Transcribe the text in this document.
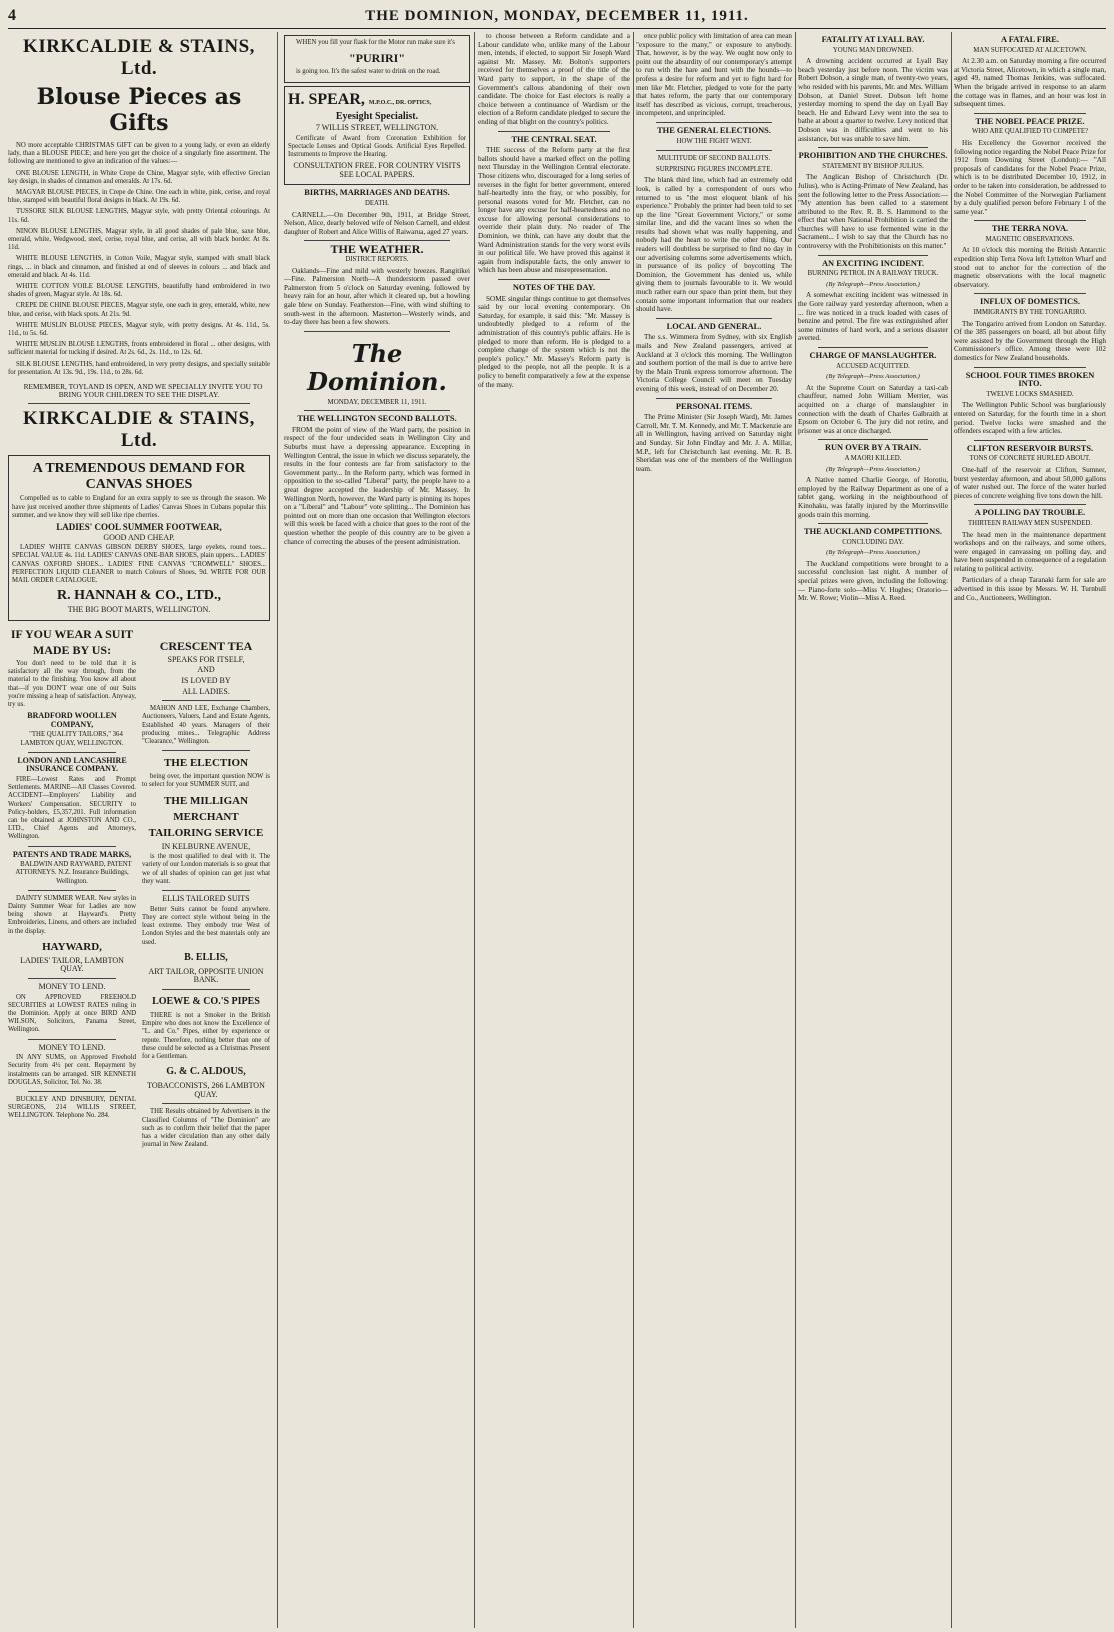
4	THE DOMINION, MONDAY, DECEMBER 11, 1911.
KIRKCALDIE & STAINS, Ltd.
Blouse Pieces as Gifts

NO more acceptable CHRISTMAS GIFT can be given to a young lady, or even an elderly lady, than a BLOUSE PIECE; and here you get the choice of a singularly fine assortment. The following are mentioned to give an indication of the values:—

ONE BLOUSE LENGTH, in White Crepe de Chine, Magyar style, with effective Grecian key design, in shades of cinnamon and emeralds. At 17s. 6d.

MAGYAR BLOUSE PIECES, in Crepe de Chine. One each in white, pink, cerise, and royal blue, stamped with beautiful floral designs in black. At 19s. 6d.

TUSSORE SILK BLOUSE LENGTHS, Magyar style, with pretty Oriental colourings. At 11s. 6d.

NINON BLOUSE LENGTHS, Magyar style, in all good shades of pale blue, saxe blue, emerald, white, Wedgwood, steel, cerise, royal blue, and cerise, all with black border. At 8s. 11d.

WHITE BLOUSE LENGTHS, in Cotton Voile, Magyar style, stamped with small black rings, ... in black and cinnamon, and finished at end of sleeves in colours ... and black and emerald and black. At 4s. 11d.

WHITE COTTON VOILE BLOUSE LENGTHS, beautifully hand embroidered in two shades of green, Magyar style. At 18s. 6d.

CREPE DE CHINE BLOUSE PIECES, Magyar style, one each in grey, emerald, white, new blue, and cerise, with black spots. At 21s. 9d.

WHITE MUSLIN BLOUSE PIECES, Magyar style, with pretty designs. At 4s. 11d., 5s. 11d., to 5s. 6d.

WHITE MUSLIN BLOUSE LENGTHS, fronts embroidered in floral ... other designs, with sufficient material for tucking if desired. At 2s. 6d., 2s. 11d., to 12s. 6d.

SILK BLOUSE LENGTHS, hand embroidered, in very pretty designs, and specially suitable for presentation. At 13s. 9d., 19s. 11d., to 28s. 6d.

REMEMBER, TOYLAND IS OPEN, AND WE SPECIALLY INVITE YOU TO BRING YOUR CHILDREN TO SEE THE DISPLAY.

KIRKCALDIE & STAINS, Ltd.
A TREMENDOUS DEMAND FOR CANVAS SHOES

Compelled us to cable to England for an extra supply to see us through the season. We have just received another three shipments of Ladies' Canvas Shoes in Cubans popular this summer, and we know they will sell like ripe cherries.

LADIES' COOL SUMMER FOOTWEAR,
GOOD AND CHEAP.

LADIES' WHITE CANVAS GIBSON DERBY SHOES, large eyelets, round toes... SPECIAL VALUE 4s. 11d. LADIES' CANVAS ONE-BAR SHOES, plain uppers... LADIES' CANVAS OXFORD SHOES... LADIES' FINE CANVAS "CROMWELL" SHOES... PERFECTION LIQUID CLEANER to match Colours of Shoes, 9d. WRITE FOR OUR MAIL ORDER CATALOGUE.

R. HANNAH & CO., LTD.,
THE BIG BOOT MARTS, WELLINGTON.
IF YOU WEAR A SUIT MADE BY US:

You don't need to be told that it is satisfactory all the way through, from the material to the finishing. You know all about that—if you DON'T wear one of our Suits you're missing a heap of satisfaction. Anyway, try us.

BRADFORD WOOLLEN COMPANY,

"THE QUALITY TAILORS," 364 LAMBTON QUAY, WELLINGTON.

LONDON AND LANCASHIRE INSURANCE COMPANY.

FIRE—Lowest Rates and Prompt Settlements. MARINE—All Classes Covered. ACCIDENT—Employers' Liability and Workers' Compensation. SECURITY to Policy-holders, £5,357,201. Full information can be obtained at JOHNSTON AND CO., LTD., Chief Agents and Attorneys, Wellington.

PATENTS AND TRADE MARKS,

BALDWIN AND RAYWARD, PATENT ATTORNEYS. N.Z. Insurance Buildings, Wellington.

DAINTY SUMMER WEAR. New styles in Dainty Summer Wear for Ladies are now being shown at Hayward's. Pretty Embroideries, Linens, and others are included in the display.

HAYWARD,
LADIES' TAILOR, LAMBTON QUAY.
MONEY TO LEND.

ON APPROVED FREEHOLD SECURITIES at LOWEST RATES ruling in the Dominion. Apply at once BIRD AND WILSON, Solicitors, Panama Street, Wellington.

MONEY TO LEND.

IN ANY SUMS, on Approved Freehold Security from 4½ per cent. Repayment by instalments can be arranged. SIR KENNETH DOUGLAS, Solicitor, Tel. No. 38.

BUCKLEY AND DINSBURY, DENTAL SURGEONS, 214 WILLIS STREET, WELLINGTON. Telephone No. 284.

CRESCENT TEA
SPEAKS FOR ITSELF,
AND
IS LOVED BY
ALL LADIES.

MAHON AND LEE, Exchange Chambers, Auctioneers, Valuers, Land and Estate Agents, Established 40 years. Managers of their producing mines... Telegraphic Address "Clearance," Wellington.

THE ELECTION

being over, the important question NOW is to select for your SUMMER SUIT, and

THE MILLIGAN MERCHANT TAILORING SERVICE
IN KELBURNE AVENUE,

is the most qualified to deal with it. The variety of our London materials is so great that we of all shades of opinion can get just what they want.

ELLIS TAILORED SUITS

Better Suits cannot be found anywhere. They are correct style without being in the least extreme. They embody true West of London Styles and the best materials only are used.

B. ELLIS,
ART TAILOR, OPPOSITE UNION BANK.
LOEWE & CO.'S PIPES

THERE is not a Smoker in the British Empire who does not know the Excellence of "L. and Co." Pipes, either by experience or repute. Therefore, nothing better than one of these could be selected as a Christmas Present for a Gentleman.

G. & C. ALDOUS,
TOBACCONISTS, 266 LAMBTON QUAY.

THE Results obtained by Advertisers in the Classified Columns of "The Dominion" are such as to confirm their belief that the paper has a wider circulation than any other daily journal in New Zealand.

WHEN you fill your flask for the Motor run make sure it's

"PURIRI"

is going too. It's the safest water to drink on the road.

H. SPEAR, M.P.O.C., DR. OPTICS,
Eyesight Specialist.
7 WILLIS STREET, WELLINGTON.

Certificate of Award from Coronation Exhibition for Spectacle Lenses and Optical Goods. Artificial Eyes Repelled. Instruments to Improve the Hearing.

CONSULTATION FREE. FOR COUNTRY VISITS SEE LOCAL PAPERS.
BIRTHS, MARRIAGES AND DEATHS.
DEATH.

CARNELL.—On December 9th, 1911, at Bridge Street, Nelson, Alice, dearly beloved wife of Nelson Carnell, and eldest daughter of Robert and Alice Willis of Raiwarua, aged 27 years.

THE WEATHER.
DISTRICT REPORTS.

Oaklands—Fine and mild with westerly breezes. Rangitikei—Fine. Palmerston North—A thunderstorm passed over Palmerston from 5 o'clock on Saturday evening, followed by heavy rain for an hour, after which it cleared up, but a howling gale blew on Sunday. Featherston—Fine, with wind shifting to south-west in the afternoon. Masterton—Westerly winds, and to-day there has been a few showers.

The Dominion.
MONDAY, DECEMBER 11, 1911.
THE WELLINGTON SECOND BALLOTS.

FROM the point of view of the Ward party, the position in respect of the four undecided seats in Wellington City and Suburbs must have a depressing appearance. Excepting in Wellington Central, the issue in which we discuss separately, the results in the four contests are far from satisfactory to the Government party... In the Reform party, which was formed in opposition to the so-called "Liberal" party, the people have to a great degree accepted the leadership of Mr. Massey. In Wellington North, however, the Ward party is pinning its hopes on a "Liberal" and "Labour" vote splitting... The Dominion has pointed out on more than one occasion that Wellington electors will this week be faced with a choice that goes to the root of the question whether the people of this country are to be given a chance of correcting the abuses of the present administration.

to choose between a Reform candidate and a Labour candidate who, unlike many of the Labour men, intends, if elected, to support Sir Joseph Ward against Mr. Massey. Mr. Bolton's supporters received for themselves a proof of the title of the Ward party to support, in the shape of the Government's callous abandoning of their own candidate. The choice for East electors is really a choice between a continuance of Wardism or the election of a Reform candidate pledged to secure the ending of that blight on the country's politics.

THE CENTRAL SEAT.

THE success of the Reform party at the first ballots should have a marked effect on the polling next Thursday in the Wellington Central electorate. Those citizens who, discouraged for a long series of reverses in the fight for better government, entered half-heartedly into the fray, or who possibly, for personal reasons voted for Mr. Fletcher, can no longer have any excuse for half-heartedness and no excuse for allowing personal considerations to override their plain duty. No reader of The Dominion, we think, can have any doubt that the Ward Administration stands for the very worst evils in our political life. We have proved this against it again from indisputable facts, the only answer to which has been abuse and misrepresentation.

NOTES OF THE DAY.

SOME singular things continue to get themselves said by our local evening contemporary. On Saturday, for example, it said this: "Mr. Massey is undoubtedly pledged to a reform of the administration of this country's public affairs. He is pledged to more than reform. He is pledged to a complete change of the system which is not the people's policy." Mr. Massey's Reform party is pledged to the people, not all the people. It is a policy to benefit comparatively a few at the expense of the many.

ence public policy with limitation of area can mean "exposure to the many," or exposure to anybody. That, however, is by the way. We ought now only to point out the absurdity of our contemporary's attempt to run with the hare and hunt with the hounds—to profess a desire for reform and yet to fight hard for men like Mr. Fletcher, pledged to vote for the party that hates reform, the party that our contemporary itself has described as vicious, corrupt, treacherous, incompetent, and unprincipled.

THE GENERAL ELECTIONS.
HOW THE FIGHT WENT.
MULTITUDE OF SECOND BALLOTS.
SURPRISING FIGURES INCOMPLETE.

The blank third line, which had an extremely odd look, is called by a correspondent of ours who returned to us "the most eloquent blank of his experience." Probably the printer had been told to set up the line "Great Government Victory," or some similar line, and did the vacant lines so when the results had shown what was really happening, and nobody had the heart to write the other thing. Our readers will doubtless be surprised to find no day in our advertising columns some advertisements which, in pursuance of its policy of boycotting The Dominion, the Government has denied us, while giving them to journals favourable to it. We would much rather earn our space than print them, but they contain some important information that our readers should have.

LOCAL AND GENERAL.

The s.s. Wimmera from Sydney, with six English mails and New Zealand passengers, arrived at Auckland at 3 o'clock this morning. The Wellington and southern portion of the mail is due to arrive here by the Main Trunk express tomorrow afternoon. The Victoria College Council will meet on Tuesday evening of this week, instead of on December 20.

PERSONAL ITEMS.

The Prime Minister (Sir Joseph Ward), Mr. James Carroll, Mr. T. M. Kennedy, and Mr. T. Mackenzie are all in Wellington, having arrived on Saturday night and Sunday. Sir John Findlay and Mr. J. A. Millar, M.P., left for Christchurch last evening. Mr. R. B. Sheridan was one of the members of the Wellington team.

FATALITY AT LYALL BAY.
YOUNG MAN DROWNED.

A drowning accident occurred at Lyall Bay beach yesterday just before noon. The victim was Robert Dobson, a single man, of twenty-two years, who resided with his parents, Mr. and Mrs. William Dobson, at Daniel Street. Dobson left home yesterday morning to spend the day on Lyall Bay beach. He and Edward Levy went into the sea to bathe at about a quarter to twelve. Levy noticed that Dobson was in difficulties and went to his assistance, but was unable to save him.

PROHIBITION AND THE CHURCHES.
STATEMENT BY BISHOP JULIUS.

The Anglican Bishop of Christchurch (Dr. Julius), who is Acting-Primate of New Zealand, has sent the following letter to the Press Association:— "My attention has been called to a statement attributed to the Rev. R. B. S. Hammond to the effect that when National Prohibition is carried the churches will have to use fermented wine in the Sacrament... I wish to say that the Church has no controversy with the Prohibitionists on this matter."

AN EXCITING INCIDENT.
BURNING PETROL IN A RAILWAY TRUCK.
(By Telegraph—Press Association.)

A somewhat exciting incident was witnessed in the Gore railway yard yesterday afternoon, when a ... fire was noticed in a truck loaded with cases of benzine and petrol. The fire was extinguished after some minutes of hard work, and a serious disaster averted.

CHARGE OF MANSLAUGHTER.
ACCUSED ACQUITTED.
(By Telegraph—Press Association.)

At the Supreme Court on Saturday a taxi-cab chauffeur, named John William Merrier, was acquitted on a charge of manslaughter in connection with the death of Charles Galbraith at Epsom on October 6. The jury did not retire, and prisoner was at once discharged.

RUN OVER BY A TRAIN.
A MAORI KILLED.
(By Telegraph—Press Association.)

A Native named Charlie George, of Horotiu, employed by the Railway Department as one of a tablet gang, working in the neighbourhood of Kinohaku, was fatally injured by the Morrinsville goods train this morning.

THE AUCKLAND COMPETITIONS.
CONCLUDING DAY.
(By Telegraph—Press Association.)

The Auckland competitions were brought to a successful conclusion last night. A number of special prizes were given, including the following:— Piano-forte solo—Miss V. Hughes; Oratorio—Mr. W. Rowe; Violin—Miss A. Reed.

A FATAL FIRE.
MAN SUFFOCATED AT ALICETOWN.

At 2.30 a.m. on Saturday morning a fire occurred at Victoria Street, Alicetown, in which a single man, aged 49, named Thomas Jenkins, was suffocated. When the brigade arrived in response to an alarm the cottage was in flames, and an hour was lost in subsequent times.

THE NOBEL PEACE PRIZE.
WHO ARE QUALIFIED TO COMPETE?

His Excellency the Governor received the following notice regarding the Nobel Peace Prize for 1912 from Downing Street (London):— "All proposals of candidates for the Nobel Peace Prize, which is to be distributed December 10, 1912, in order to be taken into consideration, be addressed to the Nobel Committee of the Norwegian Parliament by a duly qualified person before February 1 of the same year."

THE TERRA NOVA.
MAGNETIC OBSERVATIONS.

At 10 o'clock this morning the British Antarctic expedition ship Terra Nova left Lyttelton Wharf and stood out to anchor for the correction of the magnetic observations with the local magnetic observatory.

INFLUX OF DOMESTICS.
IMMIGRANTS BY THE TONGARIRO.

The Tongariro arrived from London on Saturday. Of the 385 passengers on board, all but about fifty were assisted by the Government through the High Commissioner's office. Among these were 102 domestics for New Zealand households.

SCHOOL FOUR TIMES BROKEN INTO.
TWELVE LOCKS SMASHED.

The Wellington Public School was burglariously entered on Saturday, for the fourth time in a short period. Twelve locks were smashed and the offenders escaped with a few articles.

CLIFTON RESERVOIR BURSTS.
TONS OF CONCRETE HURLED ABOUT.

One-half of the reservoir at Clifton, Sumner, burst yesterday afternoon, and about 50,000 gallons of water rushed out. The force of the water hurled pieces of concrete weighing five tons down the hill.

A POLLING DAY TROUBLE.
THIRTEEN RAILWAY MEN SUSPENDED.

The head men in the maintenance department workshops and on the railways, and some others, were engaged in canvassing on polling day, and have been suspended in consequence of a regulation relating to political activity.

Particulars of a cheap Taranaki farm for sale are advertised in this issue by Messrs. W. H. Turnbull and Co., Auctioneers, Wellington.
